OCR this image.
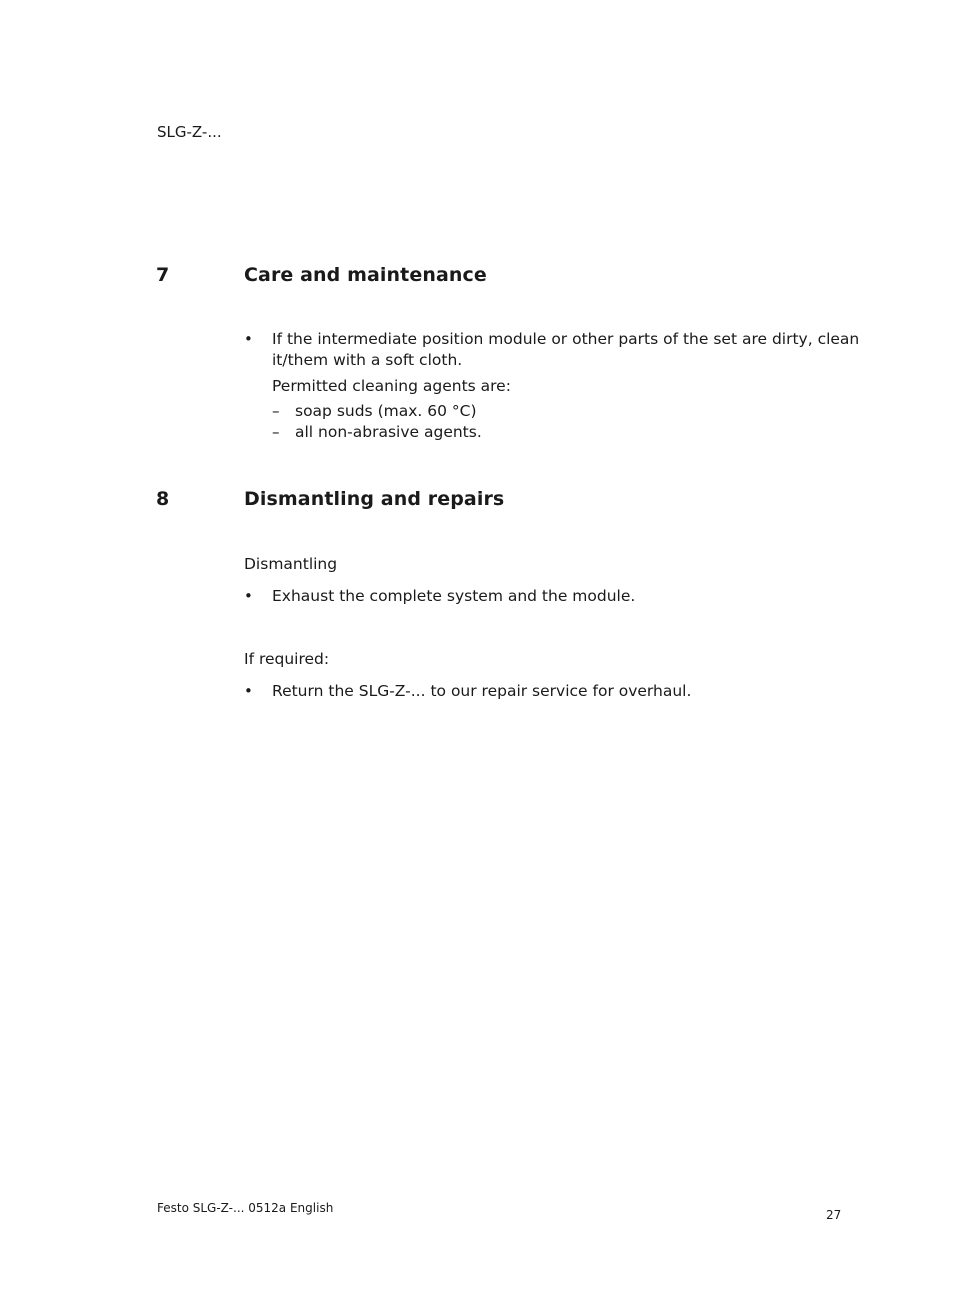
SLG-Z-...
7	Care and maintenance
• If the intermediate position module or other parts of the set are dirty, clean
it/them with a soft cloth.
Permitted cleaning agents are:
– soap suds (max. 60 °C)
– all non-abrasive agents.
8	Dismantling and repairs
Dismantling
• Exhaust the complete system and the module.
If required:
• Return the SLG-Z-... to our repair service for overhaul.
Festo SLG-Z-... 0512a English	27
